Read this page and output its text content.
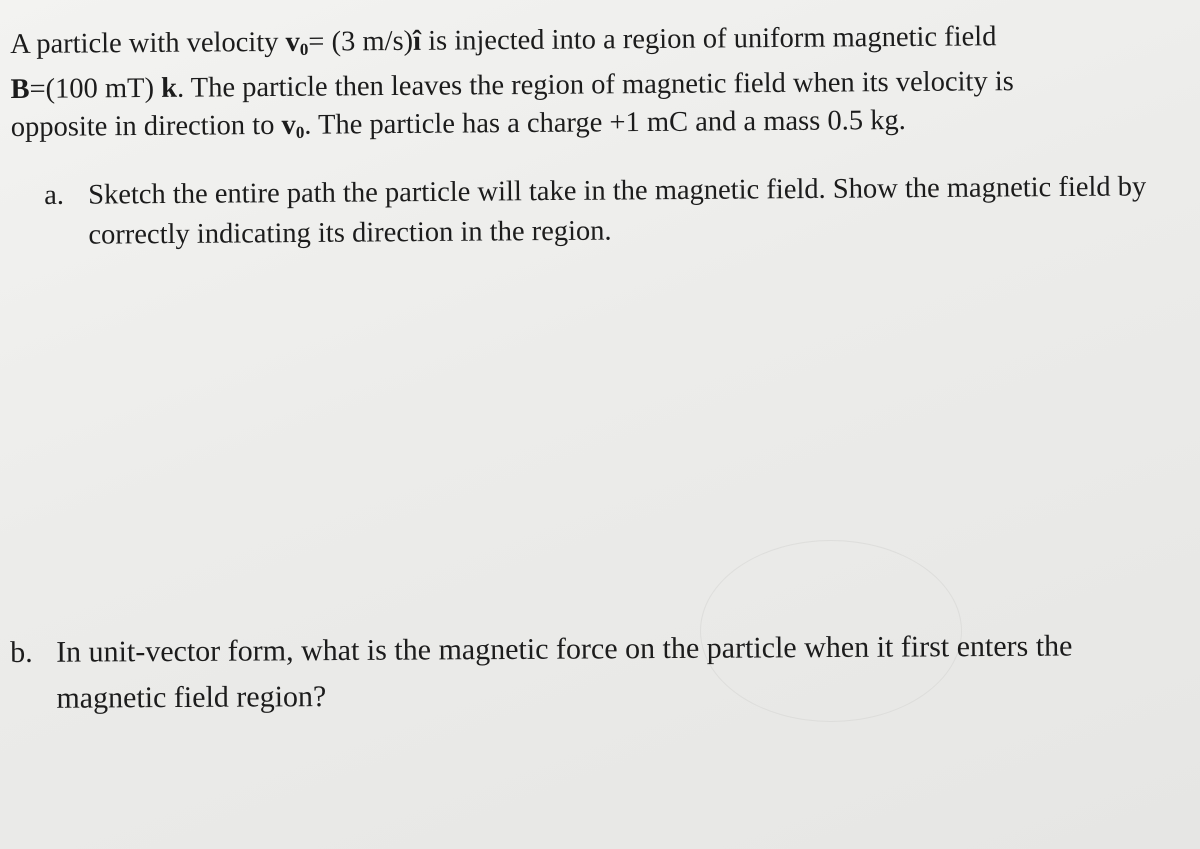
A particle with velocity $v_0= (3$ m/s)î is injected into a region of uniform magnetic field
B=(100 mT) k. The particle then leaves the region of magnetic field when its velocity is
opposite in direction to $v_0$. The particle has a charge +1 mC and a mass 0.5 kg.
a. Sketch the entire path the particle will take in the magnetic field. Show the magnetic field by correctly indicating its direction in the region.
b. In unit-vector form, what is the magnetic force on the particle when it first enters the magnetic field region?
